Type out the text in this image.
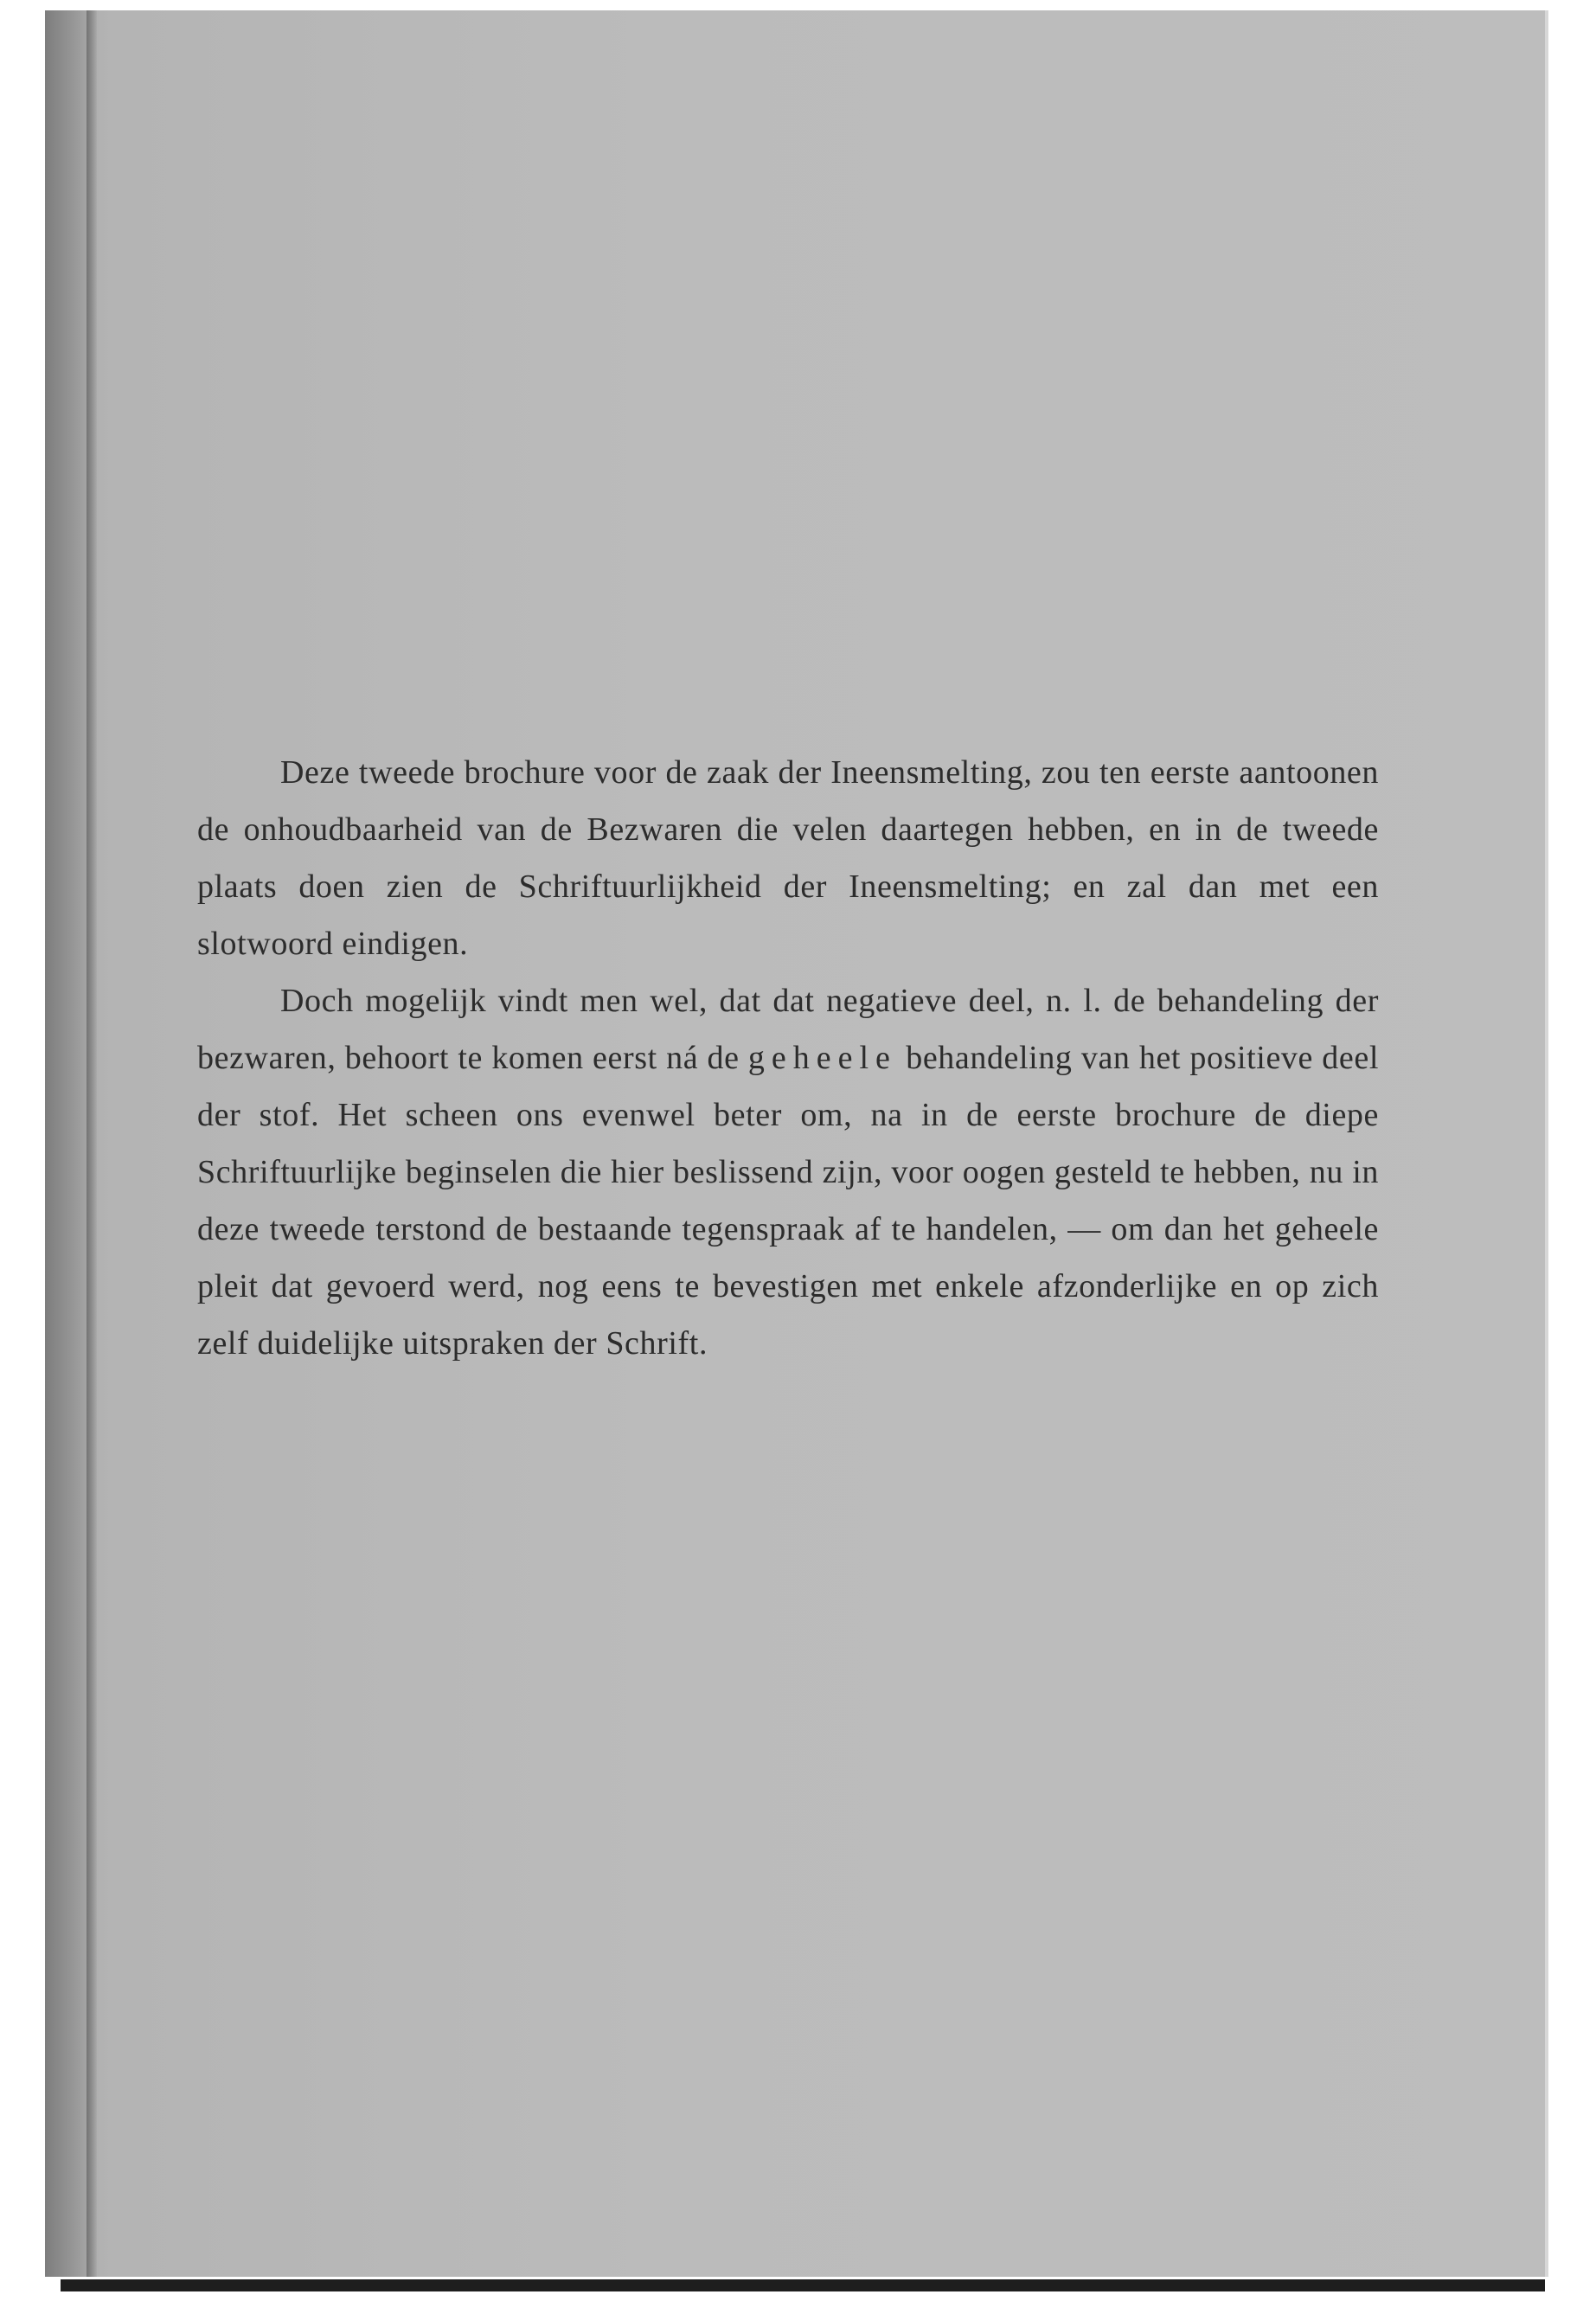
Deze tweede brochure voor de zaak der Ineensmelting, zou ten eerste aantoonen de onhoudbaarheid van de Bezwaren die velen daartegen hebben, en in de tweede plaats doen zien de Schriftuurlijkheid der Ineensmelting; en zal dan met een slotwoord eindigen.

Doch mogelijk vindt men wel, dat dat negatieve deel, n. l. de behandeling der bezwaren, behoort te komen eerst ná de geheele behandeling van het positieve deel der stof. Het scheen ons evenwel beter om, na in de eerste brochure de diepe Schriftuurlijke beginselen die hier beslissend zijn, voor oogen gesteld te hebben, nu in deze tweede terstond de bestaande tegenspraak af te handelen, — om dan het geheele pleit dat gevoerd werd, nog eens te bevestigen met enkele afzonderlijke en op zich zelf duidelijke uitspraken der Schrift.
